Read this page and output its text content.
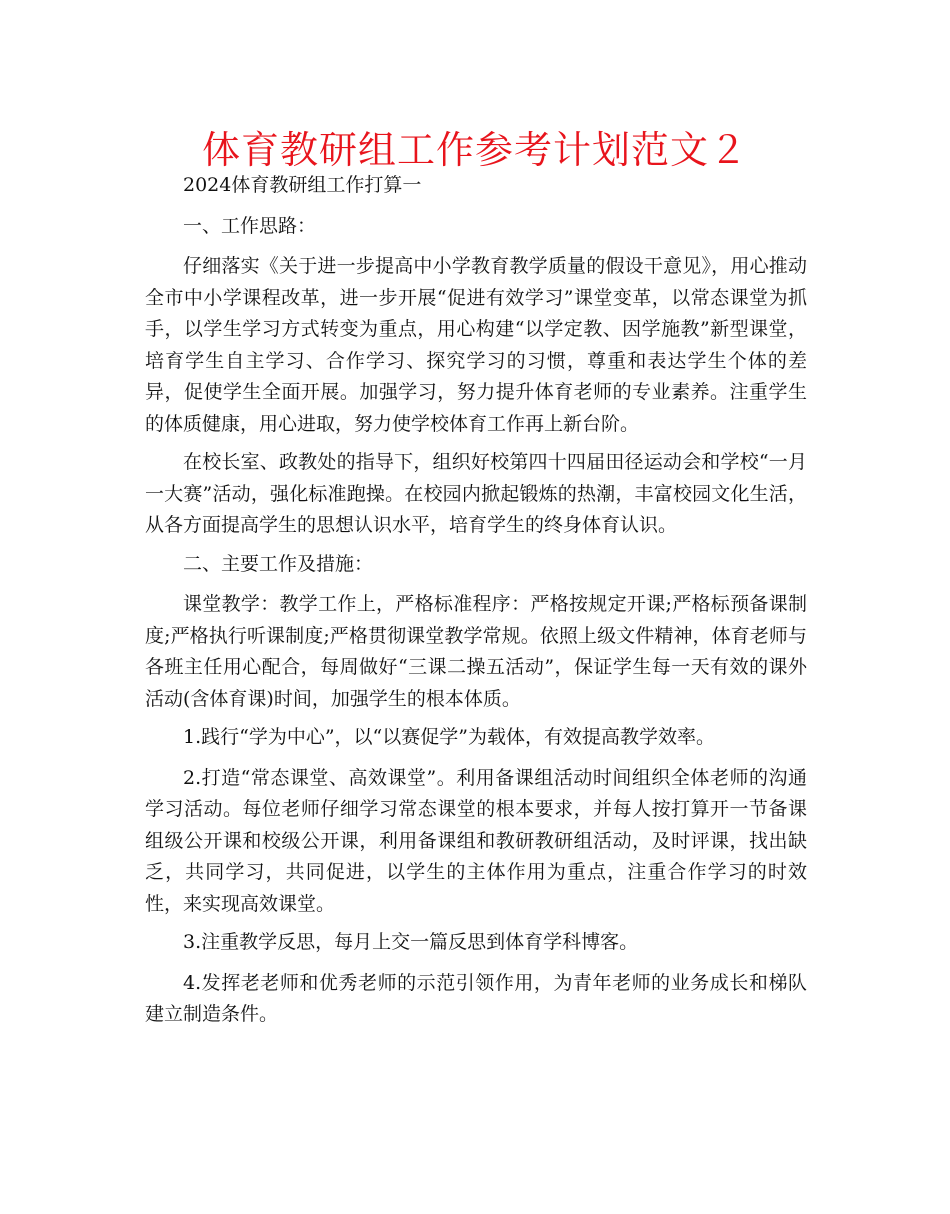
体育教研组工作参考计划范文２

2024体育教研组工作打算一

一、工作思路：

仔细落实《关于进一步提高中小学教育教学质量的假设干意见》，用心推动全市中小学课程改革，进一步开展“促进有效学习”课堂变革，以常态课堂为抓手，以学生学习方式转变为重点，用心构建“以学定教、因学施教”新型课堂，培育学生自主学习、合作学习、探究学习的习惯，尊重和表达学生个体的差异，促使学生全面开展。加强学习，努力提升体育老师的专业素养。注重学生的体质健康，用心进取，努力使学校体育工作再上新台阶。

在校长室、政教处的指导下，组织好校第四十四届田径运动会和学校“一月一大赛”活动，强化标准跑操。在校园内掀起锻炼的热潮，丰富校园文化生活，从各方面提高学生的思想认识水平，培育学生的终身体育认识。

二、主要工作及措施：

课堂教学：教学工作上，严格标准程序：严格按规定开课;严格标预备课制度;严格执行听课制度;严格贯彻课堂教学常规。依照上级文件精神，体育老师与各班主任用心配合，每周做好“三课二操五活动”，保证学生每一天有效的课外活动(含体育课)时间，加强学生的根本体质。

1.践行“学为中心”，以“以赛促学”为载体，有效提高教学效率。

2.打造“常态课堂、高效课堂”。利用备课组活动时间组织全体老师的沟通学习活动。每位老师仔细学习常态课堂的根本要求，并每人按打算开一节备课组级公开课和校级公开课，利用备课组和教研教研组活动，及时评课，找出缺乏，共同学习，共同促进，以学生的主体作用为重点，注重合作学习的时效性，来实现高效课堂。

3.注重教学反思，每月上交一篇反思到体育学科博客。

4.发挥老老师和优秀老师的示范引领作用，为青年老师的业务成长和梯队建立制造条件。
